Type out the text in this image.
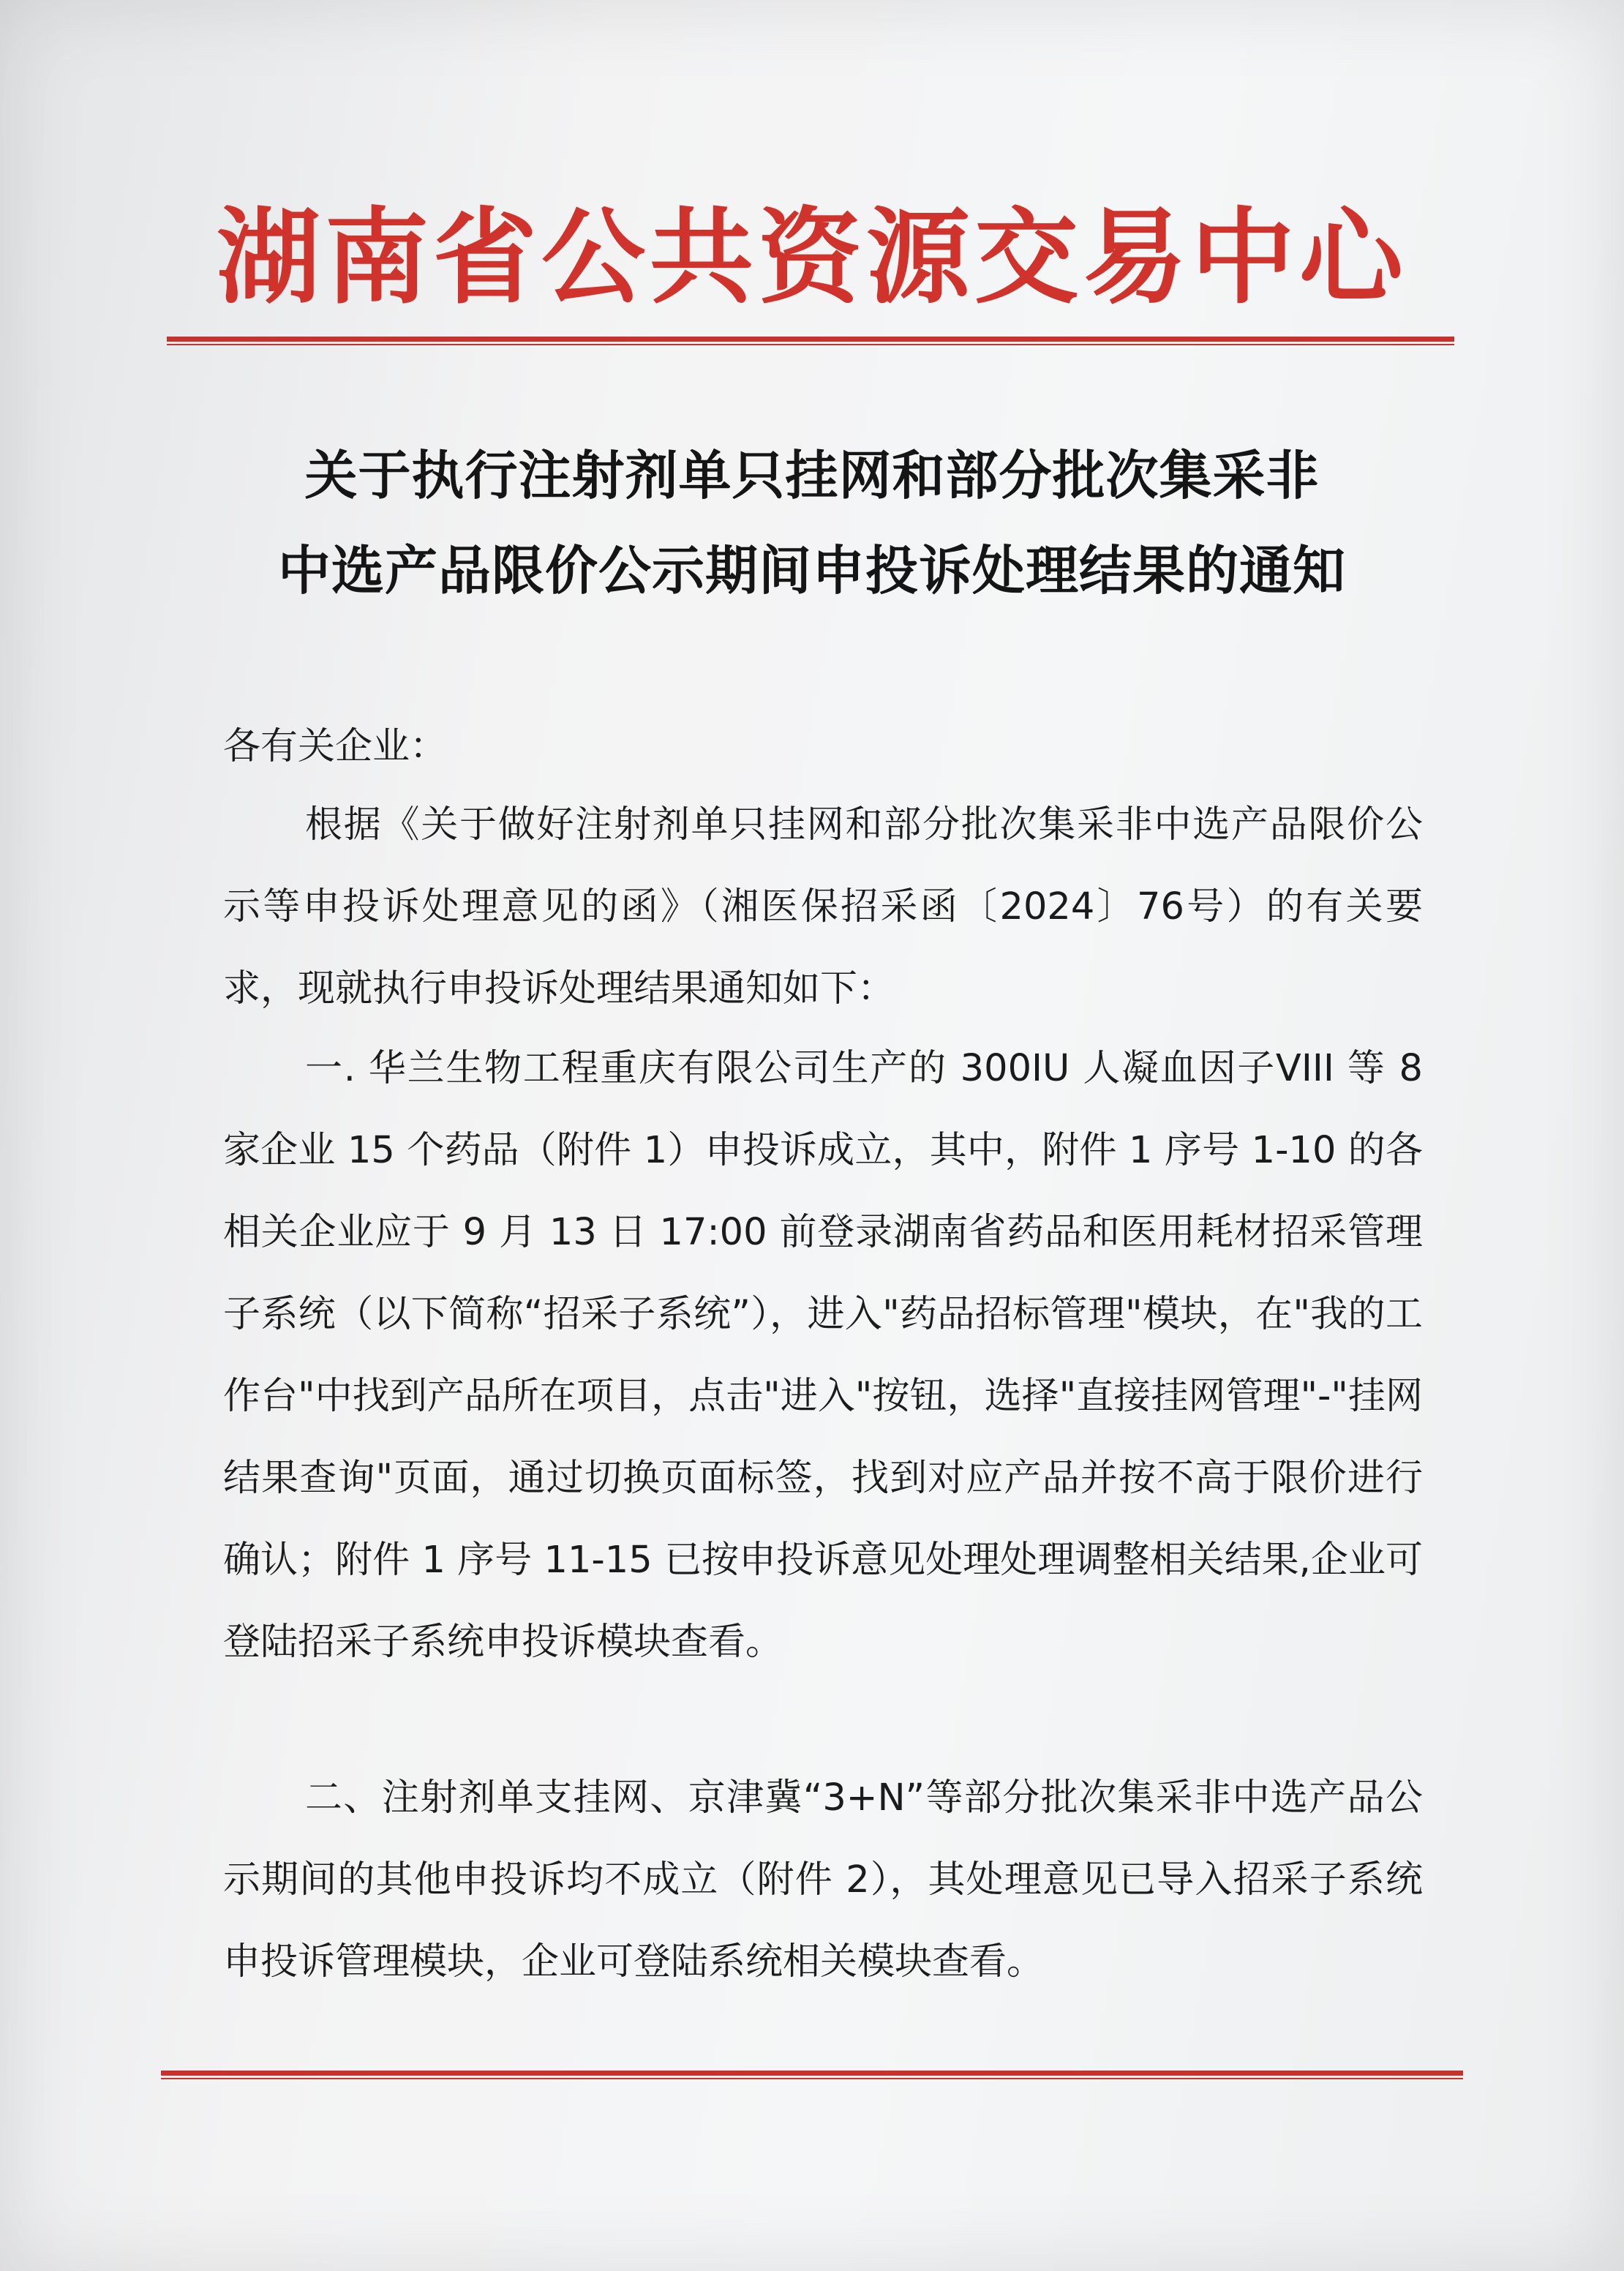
湖南省公共资源交易中心
关于执行注射剂单只挂网和部分批次集采非
中选产品限价公示期间申投诉处理结果的通知

各有关企业：

根据《关于做好注射剂单只挂网和部分批次集采非中选产品限价公示等申投诉处理意见的函》（湘医保招采函〔2024〕76号）的有关要求，现就执行申投诉处理结果通知如下：

一. 华兰生物工程重庆有限公司生产的 300IU 人凝血因子VIII 等 8 家企业 15 个药品（附件 1）申投诉成立，其中，附件 1 序号 1-10 的各相关企业应于 9 月 13 日 17:00 前登录湖南省药品和医用耗材招采管理子系统（以下简称“招采子系统”），进入"药品招标管理"模块，在"我的工作台"中找到产品所在项目，点击"进入"按钮，选择"直接挂网管理"-"挂网结果查询"页面，通过切换页面标签，找到对应产品并按不高于限价进行确认；附件 1 序号 11-15 已按申投诉意见处理处理调整相关结果,企业可登陆招采子系统申投诉模块查看。

二、注射剂单支挂网、京津冀“3+N”等部分批次集采非中选产品公示期间的其他申投诉均不成立（附件 2），其处理意见已导入招采子系统申投诉管理模块，企业可登陆系统相关模块查看。
